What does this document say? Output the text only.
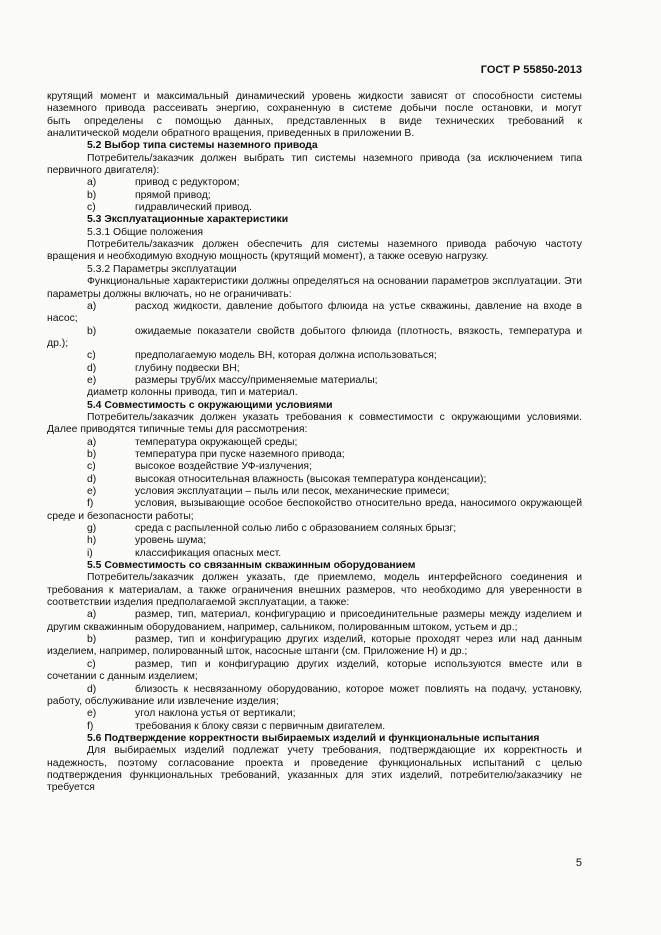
ГОСТ Р 55850-2013

крутящий момент и максимальный динамический уровень жидкости зависят от способности системы

наземного привода рассеивать энергию, сохраненную в системе добычи после остановки, и могут

быть определены с помощью данных, представленных в виде технических требований к

аналитической модели обратного вращения, приведенных в приложении В.

5.2 Выбор типа системы наземного привода

Потребитель/заказчик должен выбрать тип системы наземного привода (за исключением типа первичного двигателя):

a)	привод с редуктором;
b)	прямой привод;
c)	гидравлический привод.
5.3 Эксплуатационные характеристики

5.3.1 Общие положения

Потребитель/заказчик должен обеспечить для системы наземного привода рабочую частоту вращения и необходимую входную мощность (крутящий момент), а также осевую нагрузку.

5.3.2 Параметры эксплуатации

Функциональные характеристики должны определяться на основании параметров эксплуатации. Эти параметры должны включать, но не ограничивать:

a)	расход жидкости, давление добытого флюида на устье скважины, давление на входе в насос;

b)	ожидаемые показатели свойств добытого флюида (плотность, вязкость, температура и др.);

c)	предполагаемую модель ВН, которая должна использоваться;
d)	глубину подвески ВН;
e)	размеры труб/их массу/применяемые материалы;

диаметр колонны привода, тип и материал.

5.4 Совместимость с окружающими условиями

Потребитель/заказчик должен указать требования к совместимости с окружающими условиями. Далее приводятся типичные темы для рассмотрения:

a)	температура окружающей среды;
b)	температура при пуске наземного привода;
c)	высокое воздействие УФ-излучения;
d)	высокая относительная влажность (высокая температура конденсации);
e)	условия эксплуатации – пыль или песок, механические примеси;

f)	условия, вызывающие особое беспокойство относительно вреда, наносимого окружающей среде и безопасности работы;

g)	среда с распыленной солью либо с образованием соляных брызг;
h)	уровень шума;
i)	классификация опасных мест.
5.5 Совместимость со связанным скважинным оборудованием

Потребитель/заказчик должен указать, где приемлемо, модель интерфейсного соединения и требования к материалам, а также ограничения внешних размеров, что необходимо для уверенности в соответствии изделия предполагаемой эксплуатации, а также:

a)	размер, тип, материал, конфигурацию и присоединительные размеры между изделием и другим скважинным оборудованием, например, сальником, полированным штоком, устьем и др.;

b)	размер, тип и конфигурацию других изделий, которые проходят через или над данным изделием, например, полированный шток, насосные штанги (см. Приложение Н) и др.;

c)	размер, тип и конфигурацию других изделий, которые используются вместе или в сочетании с данным изделием;

d)	близость к несвязанному оборудованию, которое может повлиять на подачу, установку, работу, обслуживание или извлечение изделия;

e)	угол наклона устья от вертикали;
f)	требования к блоку связи с первичным двигателем.
5.6 Подтверждение корректности выбираемых изделий и функциональные испытания

Для выбираемых изделий подлежат учету требования, подтверждающие их корректность и надежность, поэтому согласование проекта и проведение функциональных испытаний с целью подтверждения функциональных требований, указанных для этих изделий, потребителю/заказчику не требуется

5
